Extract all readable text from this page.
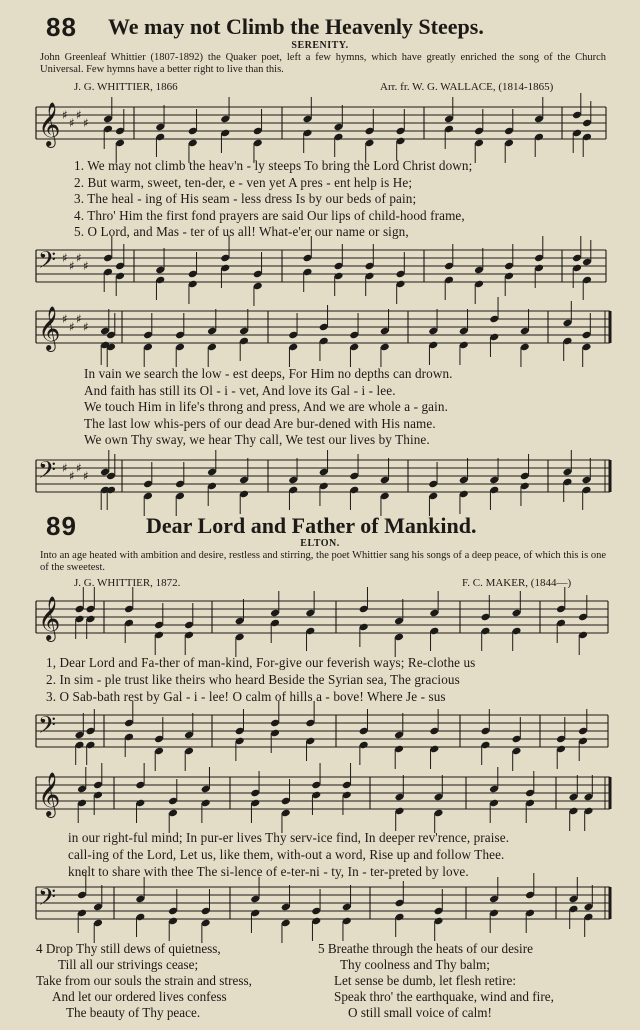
88 We may not Climb the Heavenly Steeps.
SERENITY.
John Greenleaf Whittier (1807-1892) the Quaker poet, left a few hymns, which have greatly enriched the song of the Church Universal. Few hymns have a better right to live than this.
J. G. WHITTIER, 1866	Arr. fr. W. G. WALLACE, (1814-1865)
1. We may not climb the heav'n - ly steeps To bring the Lord Christ down;
2. But warm, sweet, ten-der, e - ven yet A pres - ent help is He;
3. The heal - ing of His seam - less dress Is by our beds of pain;
4. Thro' Him the first fond prayers are said Our lips of child-hood frame,
5. O Lord, and Mas - ter of us all! What-e'er our name or sign,
In vain we search the low - est deeps, For Him no depths can drown.
And faith has still its Ol - i - vet, And love its Gal - i - lee.
We touch Him in life's throng and press, And we are whole a - gain.
The last low whis-pers of our dead Are bur-dened with His name.
We own Thy sway, we hear Thy call, We test our lives by Thine.
89	Dear Lord and Father of Mankind.
ELTON.
Into an age heated with ambition and desire, restless and stirring, the poet Whittier sang his songs of a deep peace, of which this is one of the sweetest.
J. G. WHITTIER, 1872.	F. C. MAKER, (1844—)
1, Dear Lord and Fa-ther of man-kind, For-give our feverish ways; Re-clothe us
2. In sim - ple trust like theirs who heard Beside the Syrian sea, The gracious
3. O Sab-bath rest by Gal - i - lee! O calm of hills a - bove! Where Je - sus
in our right-ful mind; In pur-er lives Thy serv-ice find, In deeper rev'rence, praise.
call-ing of the Lord, Let us, like them, with-out a word, Rise up and follow Thee.
knelt to share with thee The si-lence of e-ter-ni - ty, In - ter-preted by love.
4 Drop Thy still dews of quietness,
Till all our strivings cease;
Take from our souls the strain and stress,
And let our ordered lives confess
The beauty of Thy peace.
5 Breathe through the heats of our desire
Thy coolness and Thy balm;
Let sense be dumb, let flesh retire:
Speak thro' the earthquake, wind and fire,
O still small voice of calm!
𝄞 ♯
♯
♯
♯
𝄢 ♯
♯
♯
♯
𝄞 ♯
♯
♯
♯
𝄢 ♯
♯
♯
♯
𝄞
𝄢
𝄞
𝄢
